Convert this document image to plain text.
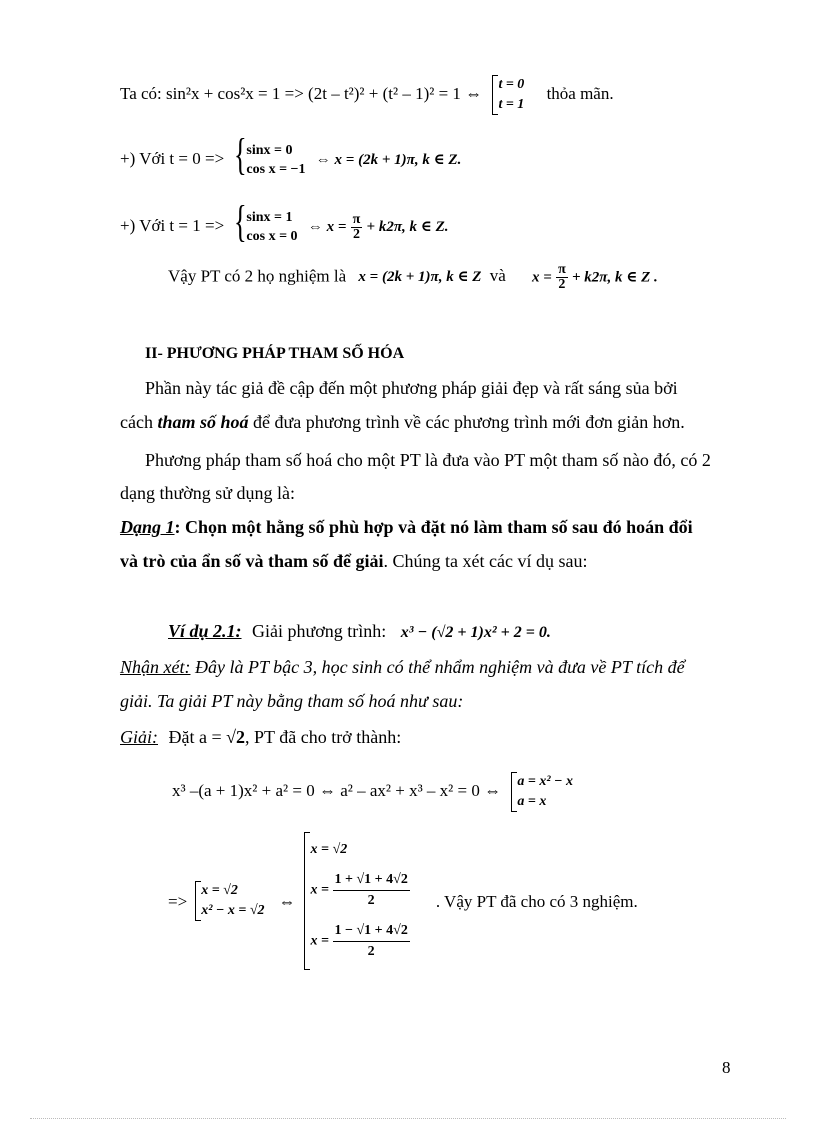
Ta có: sin²x + cos²x = 1 => (2t – t²)² + (t² – 1)² = 1 ⇔ t = 0
t = 1
thỏa mãn.
+) Với t = 0 => { sinx = 0
cos x = −1
⇔ x = (2k + 1)π, k ∈ Z.
+) Với t = 1 => { sinx = 1
cos x = 0
⇔ $x = \frac{\pi}{2} + k2\pi$, k ∈ Z.
Vậy PT có 2 họ nghiệm là x = (2k + 1)π, k ∈ Z và $x = \frac{\pi}{2} + k2\pi$, k ∈ Z .
II- PHƯƠNG PHÁP THAM SỐ HÓA
Phần này tác giả đề cập đến một phương pháp giải đẹp và rất sáng sủa bởi
cách tham số hoá để đưa phương trình về các phương trình mới đơn giản hơn.
Phương pháp tham số hoá cho một PT là đưa vào PT một tham số nào đó, có 2
dạng thường sử dụng là:
Dạng 1: Chọn một hằng số phù hợp và đặt nó làm tham số sau đó hoán đổi
và trò của ẩn số và tham số để giải. Chúng ta xét các ví dụ sau:
Ví dụ 2.1: Giải phương trình: x³ − (√2 + 1)x² + 2 = 0.
Nhận xét: Đây là PT bậc 3, học sinh có thể nhẩm nghiệm và đưa về PT tích để
giải. Ta giải PT này bằng tham số hoá như sau:
Giải: Đặt a = √2, PT đã cho trở thành:
x³ –(a + 1)x² + a² = 0 ⇔ a² – ax² + x³ – x² = 0 ⇔ a = x² − x
a = x
=>
x = √2
x² − x = √2 ⇔
x = √2
$x = \frac{1 + √1 + 4√2}{2}$
$x = \frac{1 - √1 + 4√2}{2}$
. Vậy PT đã cho có 3 nghiệm.
8
